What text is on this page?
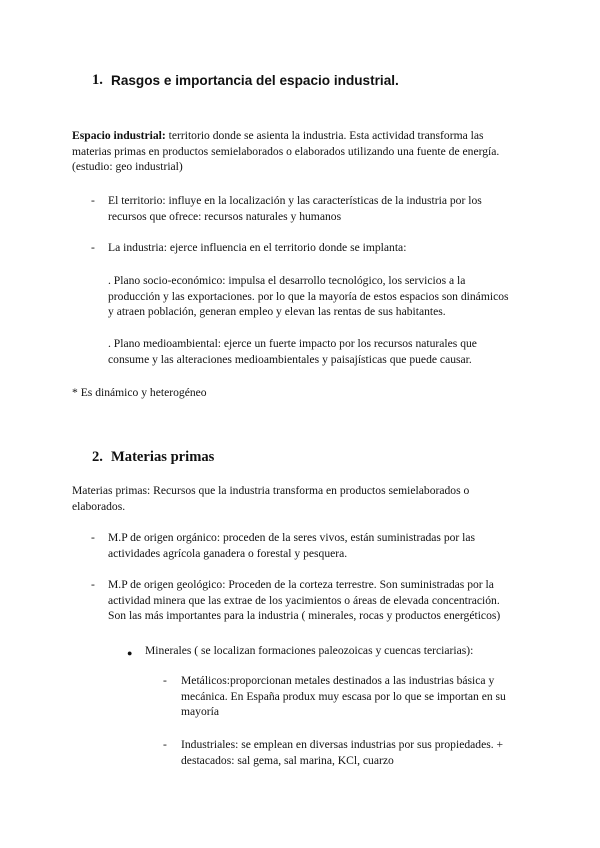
1. Rasgos e importancia del espacio industrial.
Espacio industrial: territorio donde se asienta la industria. Esta actividad transforma las
materias primas en productos semielaborados o elaborados utilizando una fuente de energía.
(estudio: geo industrial)
- El territorio: influye en la localización y las características de la industria por los
recursos que ofrece: recursos naturales y humanos
- La industria: ejerce influencia en el territorio donde se implanta:
. Plano socio-económico: impulsa el desarrollo tecnológico, los servicios a la
producción y las exportaciones. por lo que la mayoría de estos espacios son dinámicos
y atraen población, generan empleo y elevan las rentas de sus habitantes.
. Plano medioambiental: ejerce un fuerte impacto por los recursos naturales que
consume y las alteraciones medioambientales y paisajísticas que puede causar.
* Es dinámico y heterogéneo
2. Materias primas
Materias primas: Recursos que la industria transforma en productos semielaborados o
elaborados.
- M.P de origen orgánico: proceden de la seres vivos, están suministradas por las
actividades agrícola ganadera o forestal y pesquera.
- M.P de origen geológico: Proceden de la corteza terrestre. Son suministradas por la
actividad minera que las extrae de los yacimientos o áreas de elevada concentración.
Son las más importantes para la industria ( minerales, rocas y productos energéticos)
● Minerales ( se localizan formaciones paleozoicas y cuencas terciarias):
- Metálicos:proporcionan metales destinados a las industrias básica y
mecánica. En España produx muy escasa por lo que se importan en su
mayoría
- Industriales: se emplean en diversas industrias por sus propiedades. +
destacados: sal gema, sal marina, KCl, cuarzo
